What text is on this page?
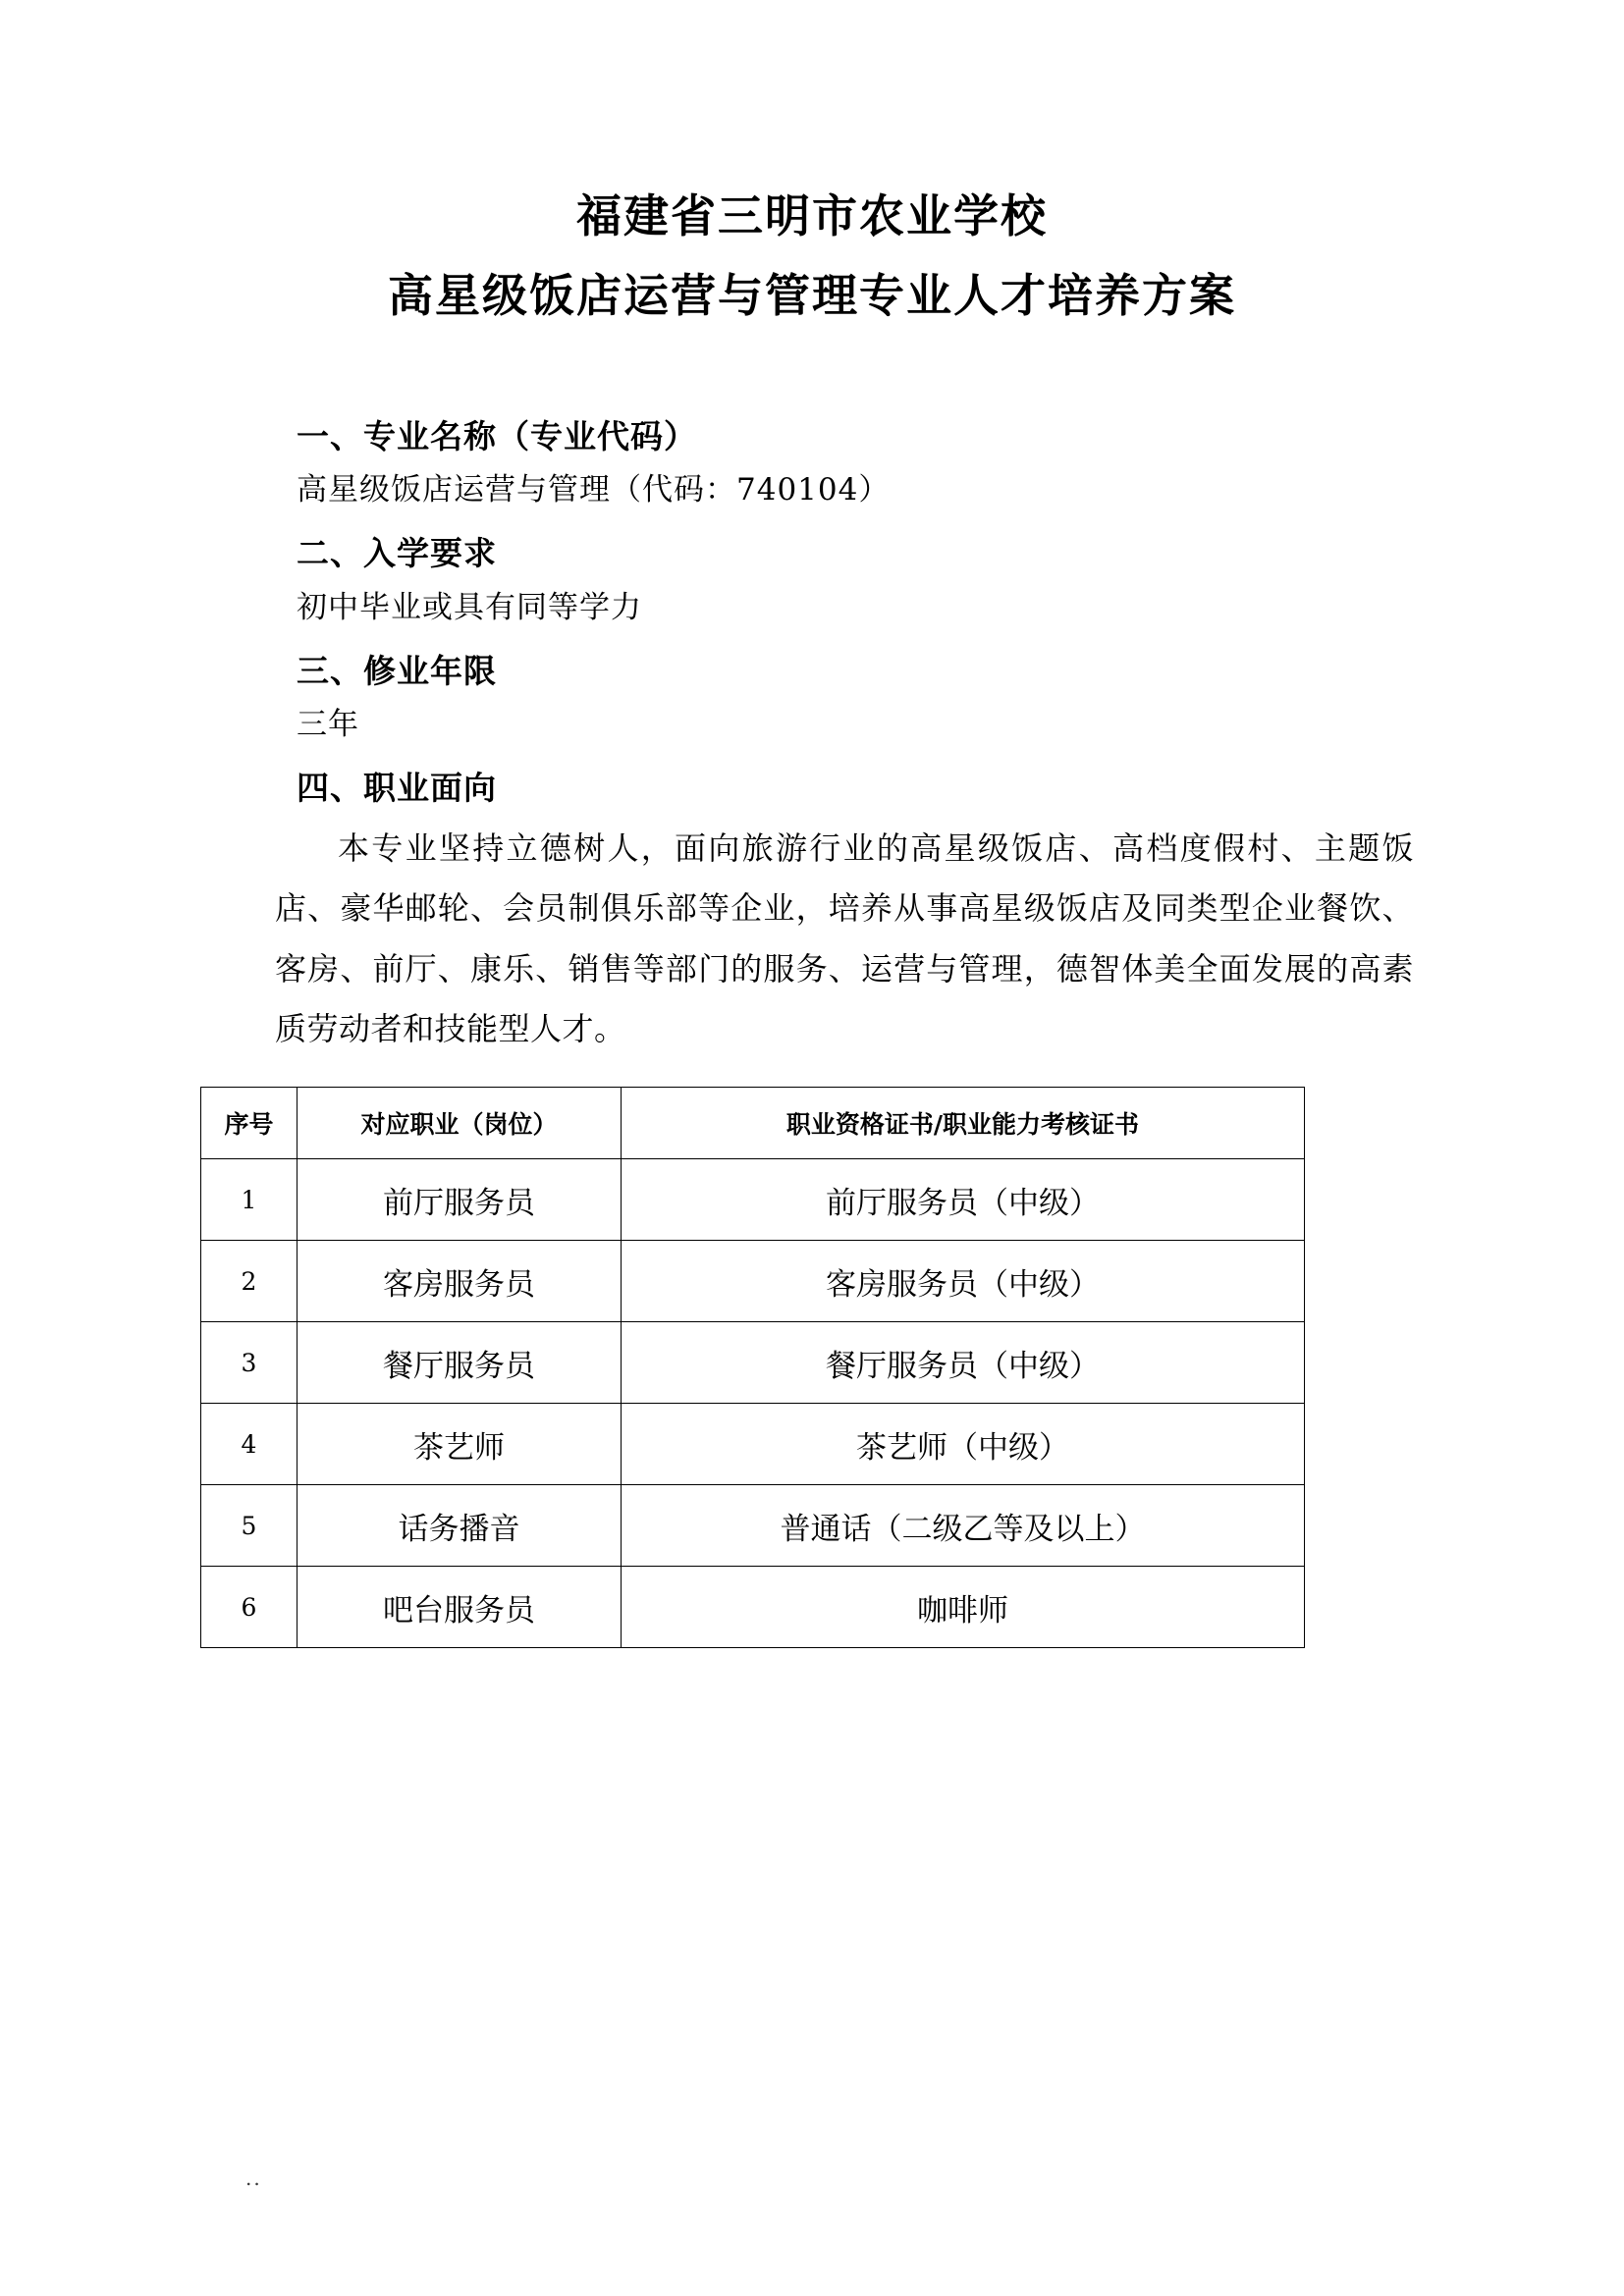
福建省三明市农业学校
高星级饭店运营与管理专业人才培养方案
一、专业名称（专业代码）
高星级饭店运营与管理（代码：740104）
二、入学要求
初中毕业或具有同等学力
三、修业年限
三年
四、职业面向

本专业坚持立德树人，面向旅游行业的高星级饭店、高档度假村、主题饭店、豪华邮轮、会员制俱乐部等企业，培养从事高星级饭店及同类型企业餐饮、客房、前厅、康乐、销售等部门的服务、运营与管理，德智体美全面发展的高素质劳动者和技能型人才。

序号	对应职业（岗位）	职业资格证书/职业能力考核证书
1	前厅服务员	前厅服务员（中级）
2	客房服务员	客房服务员（中级）
3	餐厅服务员	餐厅服务员（中级）
4	茶艺师	茶艺师（中级）
5	话务播音	普通话（二级乙等及以上）
6	吧台服务员	咖啡师
..
